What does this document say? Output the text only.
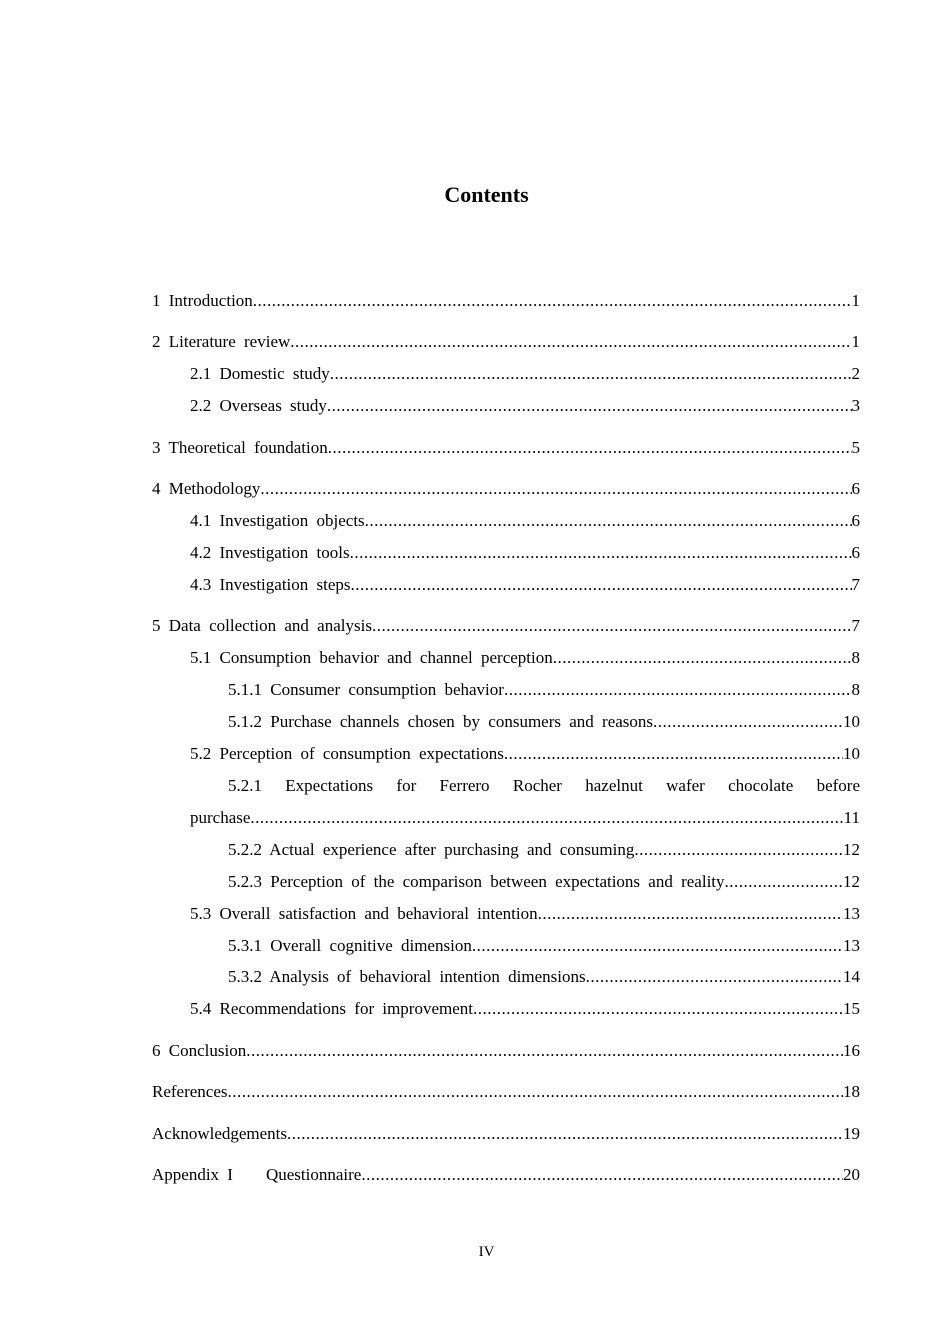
Contents
1 Introduction .....	1
2 Literature review .....	1
2.1 Domestic study .....	2
2.2 Overseas study .....	3
3 Theoretical foundation .....	5
4 Methodology .....	6
4.1 Investigation objects .....	6
4.2 Investigation tools .....	6
4.3 Investigation steps .....	7
5 Data collection and analysis .....	7
5.1 Consumption behavior and channel perception .....	8
5.1.1 Consumer consumption behavior .....	8
5.1.2 Purchase channels chosen by consumers and reasons .....	10
5.2 Perception of consumption expectations .....	10
5.2.1 Expectations for Ferrero Rocher hazelnut wafer chocolate before
purchase .....	11
5.2.2 Actual experience after purchasing and consuming .....	12
5.2.3 Perception of the comparison between expectations and reality .....	12
5.3 Overall satisfaction and behavioral intention .....	13
5.3.1 Overall cognitive dimension .....	13
5.3.2 Analysis of behavioral intention dimensions .....	14
5.4 Recommendations for improvement .....	15
6 Conclusion .....	16
References .....	18
Acknowledgements .....	19
Appendix I    Questionnaire .....	20
IV
